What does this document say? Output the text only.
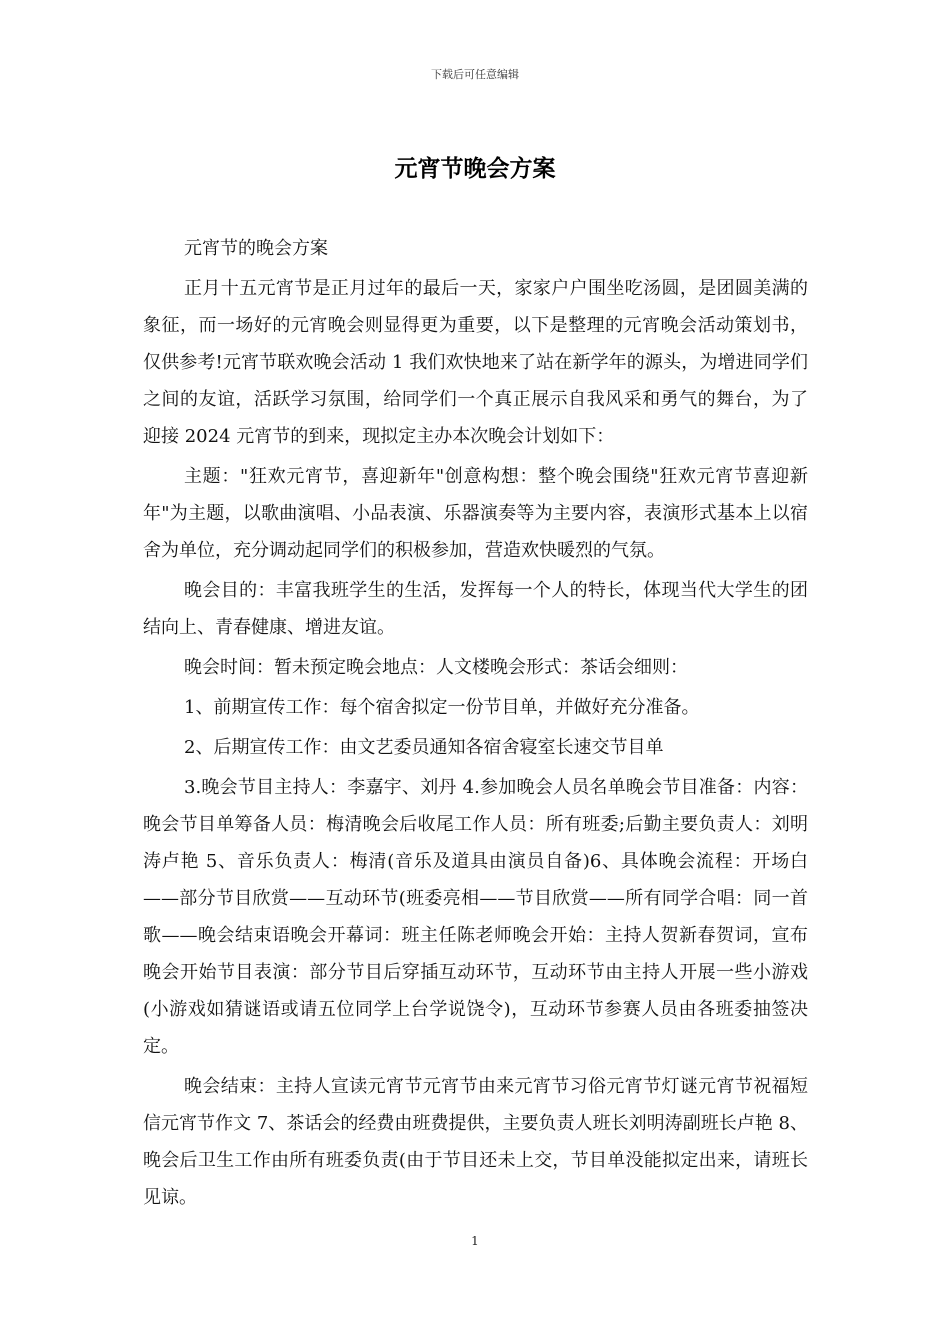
下载后可任意编辑
元宵节晚会方案

元宵节的晚会方案

正月十五元宵节是正月过年的最后一天，家家户户围坐吃汤圆，是团圆美满的象征，而一场好的元宵晚会则显得更为重要，以下是整理的元宵晚会活动策划书，仅供参考!元宵节联欢晚会活动 1 我们欢快地来了站在新学年的源头，为增进同学们之间的友谊，活跃学习氛围，给同学们一个真正展示自我风采和勇气的舞台，为了迎接 2024 元宵节的到来，现拟定主办本次晚会计划如下：

主题："狂欢元宵节，喜迎新年"创意构想：整个晚会围绕"狂欢元宵节喜迎新年"为主题，以歌曲演唱、小品表演、乐器演奏等为主要内容，表演形式基本上以宿舍为单位，充分调动起同学们的积极参加，营造欢快暖烈的气氛。

晚会目的：丰富我班学生的生活，发挥每一个人的特长，体现当代大学生的团结向上、青春健康、增进友谊。

晚会时间：暂未预定晚会地点：人文楼晚会形式：茶话会细则：

1、前期宣传工作：每个宿舍拟定一份节目单，并做好充分准备。

2、后期宣传工作：由文艺委员通知各宿舍寝室长速交节目单

3.晚会节目主持人：李嘉宇、刘丹 4.参加晚会人员名单晚会节目准备：内容：晚会节目单筹备人员：梅清晚会后收尾工作人员：所有班委;后勤主要负责人：刘明涛卢艳 5、音乐负责人：梅清(音乐及道具由演员自备)6、具体晚会流程：开场白——部分节目欣赏——互动环节(班委亮相——节目欣赏——所有同学合唱：同一首歌——晚会结束语晚会开幕词：班主任陈老师晚会开始：主持人贺新春贺词，宣布晚会开始节目表演：部分节目后穿插互动环节，互动环节由主持人开展一些小游戏(小游戏如猜谜语或请五位同学上台学说饶令)，互动环节参赛人员由各班委抽签决定。

晚会结束：主持人宣读元宵节元宵节由来元宵节习俗元宵节灯谜元宵节祝福短信元宵节作文 7、茶话会的经费由班费提供，主要负责人班长刘明涛副班长卢艳 8、晚会后卫生工作由所有班委负责(由于节目还未上交，节目单没能拟定出来，请班长见谅。

1
